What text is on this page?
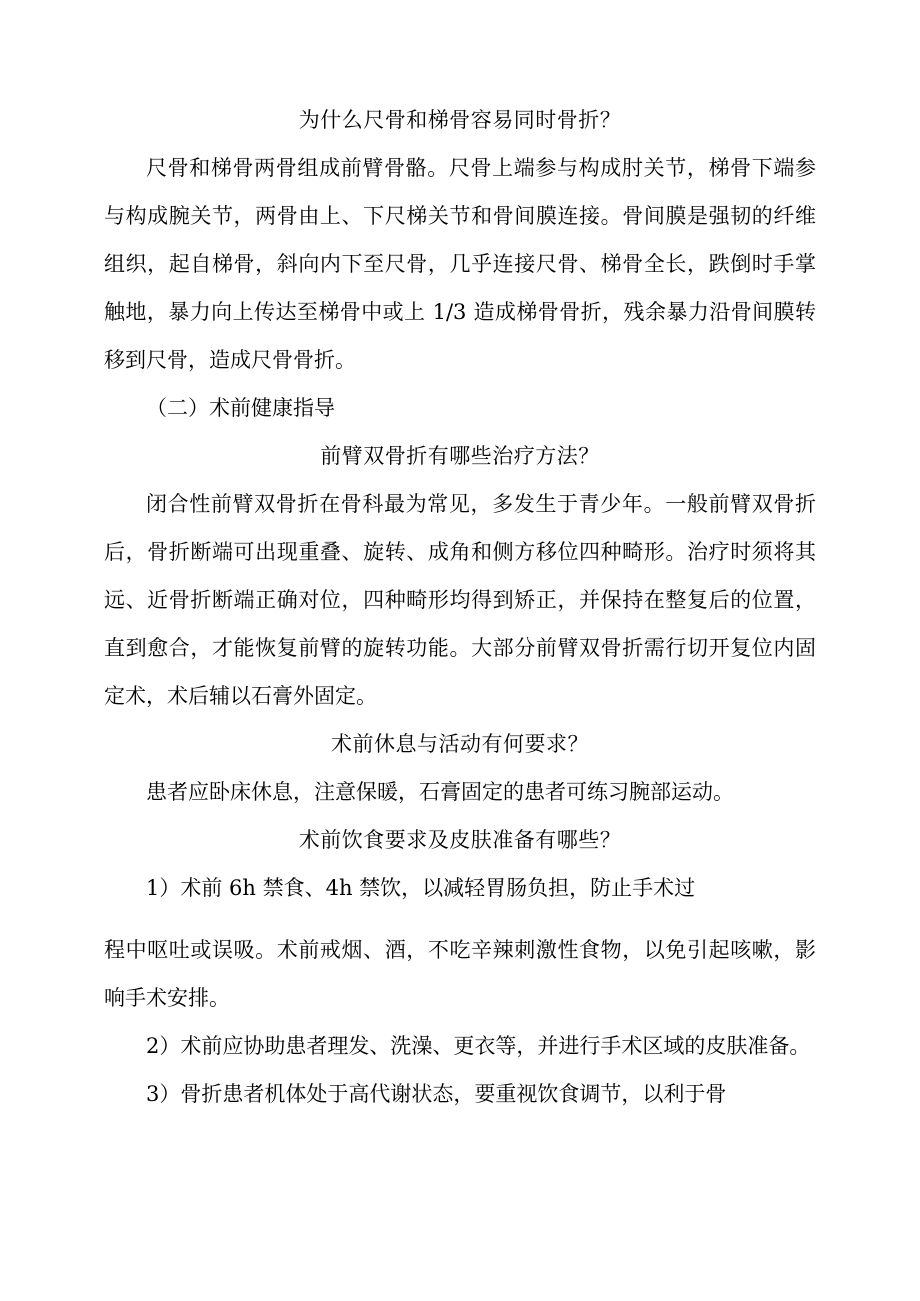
为什么尺骨和梯骨容易同时骨折？

尺骨和梯骨两骨组成前臂骨骼。尺骨上端参与构成肘关节，梯骨下端参与构成腕关节，两骨由上、下尺梯关节和骨间膜连接。骨间膜是强韧的纤维组织，起自梯骨，斜向内下至尺骨，几乎连接尺骨、梯骨全长，跌倒时手掌触地，暴力向上传达至梯骨中或上 1/3 造成梯骨骨折，残余暴力沿骨间膜转移到尺骨，造成尺骨骨折。

（二）术前健康指导

前臂双骨折有哪些治疗方法？

闭合性前臂双骨折在骨科最为常见，多发生于青少年。一般前臂双骨折后，骨折断端可出现重叠、旋转、成角和侧方移位四种畸形。治疗时须将其远、近骨折断端正确对位，四种畸形均得到矫正，并保持在整复后的位置，直到愈合，才能恢复前臂的旋转功能。大部分前臂双骨折需行切开复位内固定术，术后辅以石膏外固定。

术前休息与活动有何要求？

患者应卧床休息，注意保暖，石膏固定的患者可练习腕部运动。

术前饮食要求及皮肤准备有哪些？

1）术前 6h 禁食、4h 禁饮，以减轻胃肠负担，防止手术过

程中呕吐或误吸。术前戒烟、酒，不吃辛辣刺激性食物，以免引起咳嗽，影响手术安排。

2）术前应协助患者理发、洗澡、更衣等，并进行手术区域的皮肤准备。

3）骨折患者机体处于高代谢状态，要重视饮食调节，以利于骨
